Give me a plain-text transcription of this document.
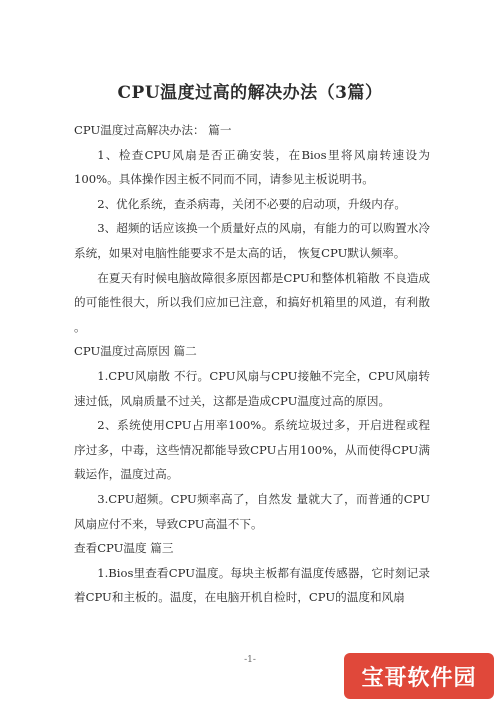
CPU温度过高的解决办法（3篇）

CPU温度过高解决办法： 篇一

1、检查CPU风扇是否正确安装，在Bios里将风扇转速设为100%。具体操作因主板不同而不同，请参见主板说明书。

2、优化系统，查杀病毒，关闭不必要的启动项，升级内存。

3、超频的话应该换一个质量好点的风扇，有能力的可以购置水冷系统，如果对电脑性能要求不是太高的话， 恢复CPU默认频率。

在夏天有时候电脑故障很多原因都是CPU和整体机箱散 不良造成的可能性很大，所以我们应加已注意，和搞好机箱里的风道，有利散 。

CPU温度过高原因 篇二

1.CPU风扇散 不行。CPU风扇与CPU接触不完全，CPU风扇转速过低，风扇质量不过关，这都是造成CPU温度过高的原因。

2、系统使用CPU占用率100%。系统垃圾过多，开启进程或程序过多，中毒，这些情况都能导致CPU占用100%，从而使得CPU满载运作，温度过高。

3.CPU超频。CPU频率高了，自然发 量就大了，而普通的CPU风扇应付不来，导致CPU高温不下。

查看CPU温度 篇三

1.Bios里查看CPU温度。每块主板都有温度传感器，它时刻记录着CPU和主板的。温度，在电脑开机自检时，CPU的温度和风扇

-1-
宝哥软件园
